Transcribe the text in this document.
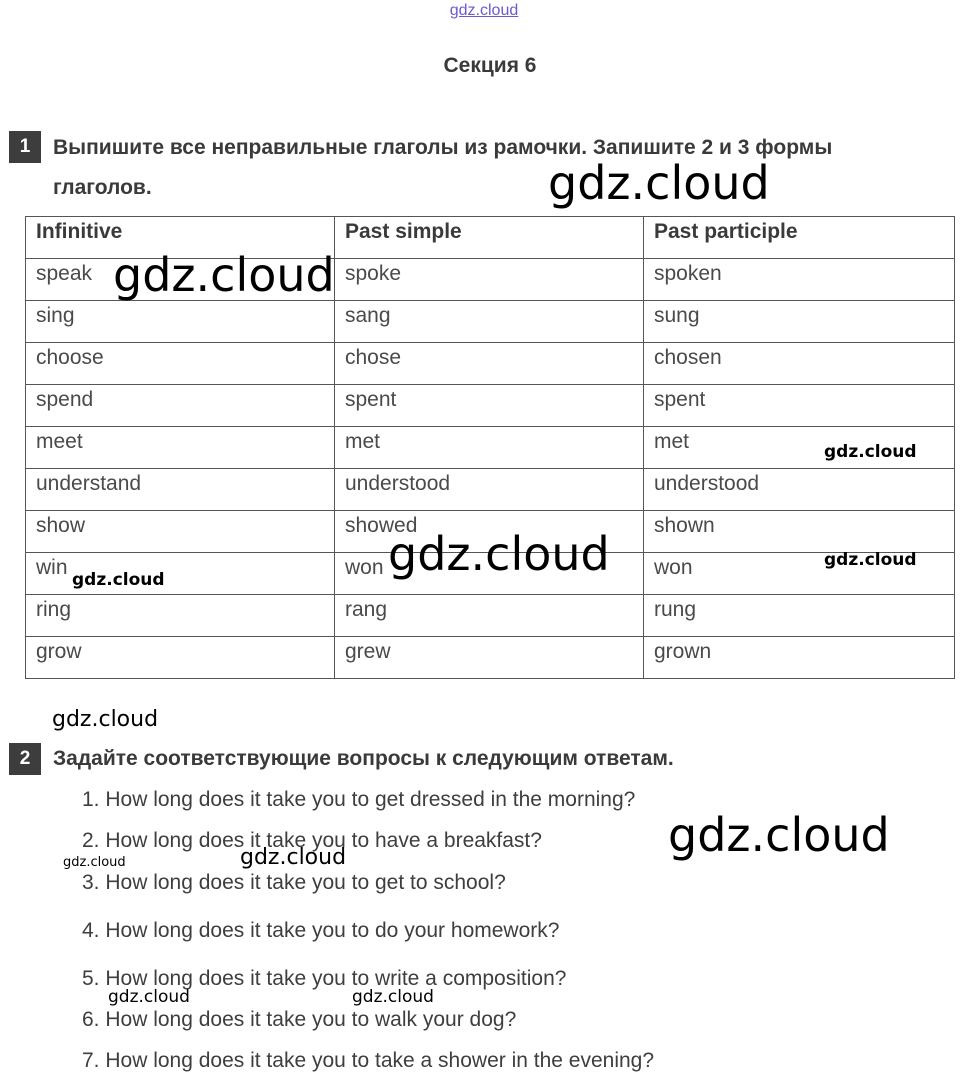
gdz.cloud
Секция 6
1	Выпишите все неправильные глаголы из рамочки. Запишите 2 и 3 формы
глаголов.
Infinitive	Past simple	Past participle
speak	spoke	spoken
sing	sang	sung
choose	chose	chosen
spend	spent	spent
meet	met	met
understand	understood	understood
show	showed	shown
win	won	won
ring	rang	rung
grow	grew	grown
2	Задайте соответствующие вопросы к следующим ответам.
1. How long does it take you to get dressed in the morning?
2. How long does it take you to have a breakfast?
3. How long does it take you to get to school?
4. How long does it take you to do your homework?
5. How long does it take you to write a composition?
6. How long does it take you to walk your dog?
7. How long does it take you to take a shower in the evening?
gdz.cloud
gdz.cloud
gdz.cloud
gdz.cloud	gdz.cloud
gdz.cloud
gdz.cloud
gdz.cloud
gdz.cloud
gdz.cloud
gdz.cloud	gdz.cloud
